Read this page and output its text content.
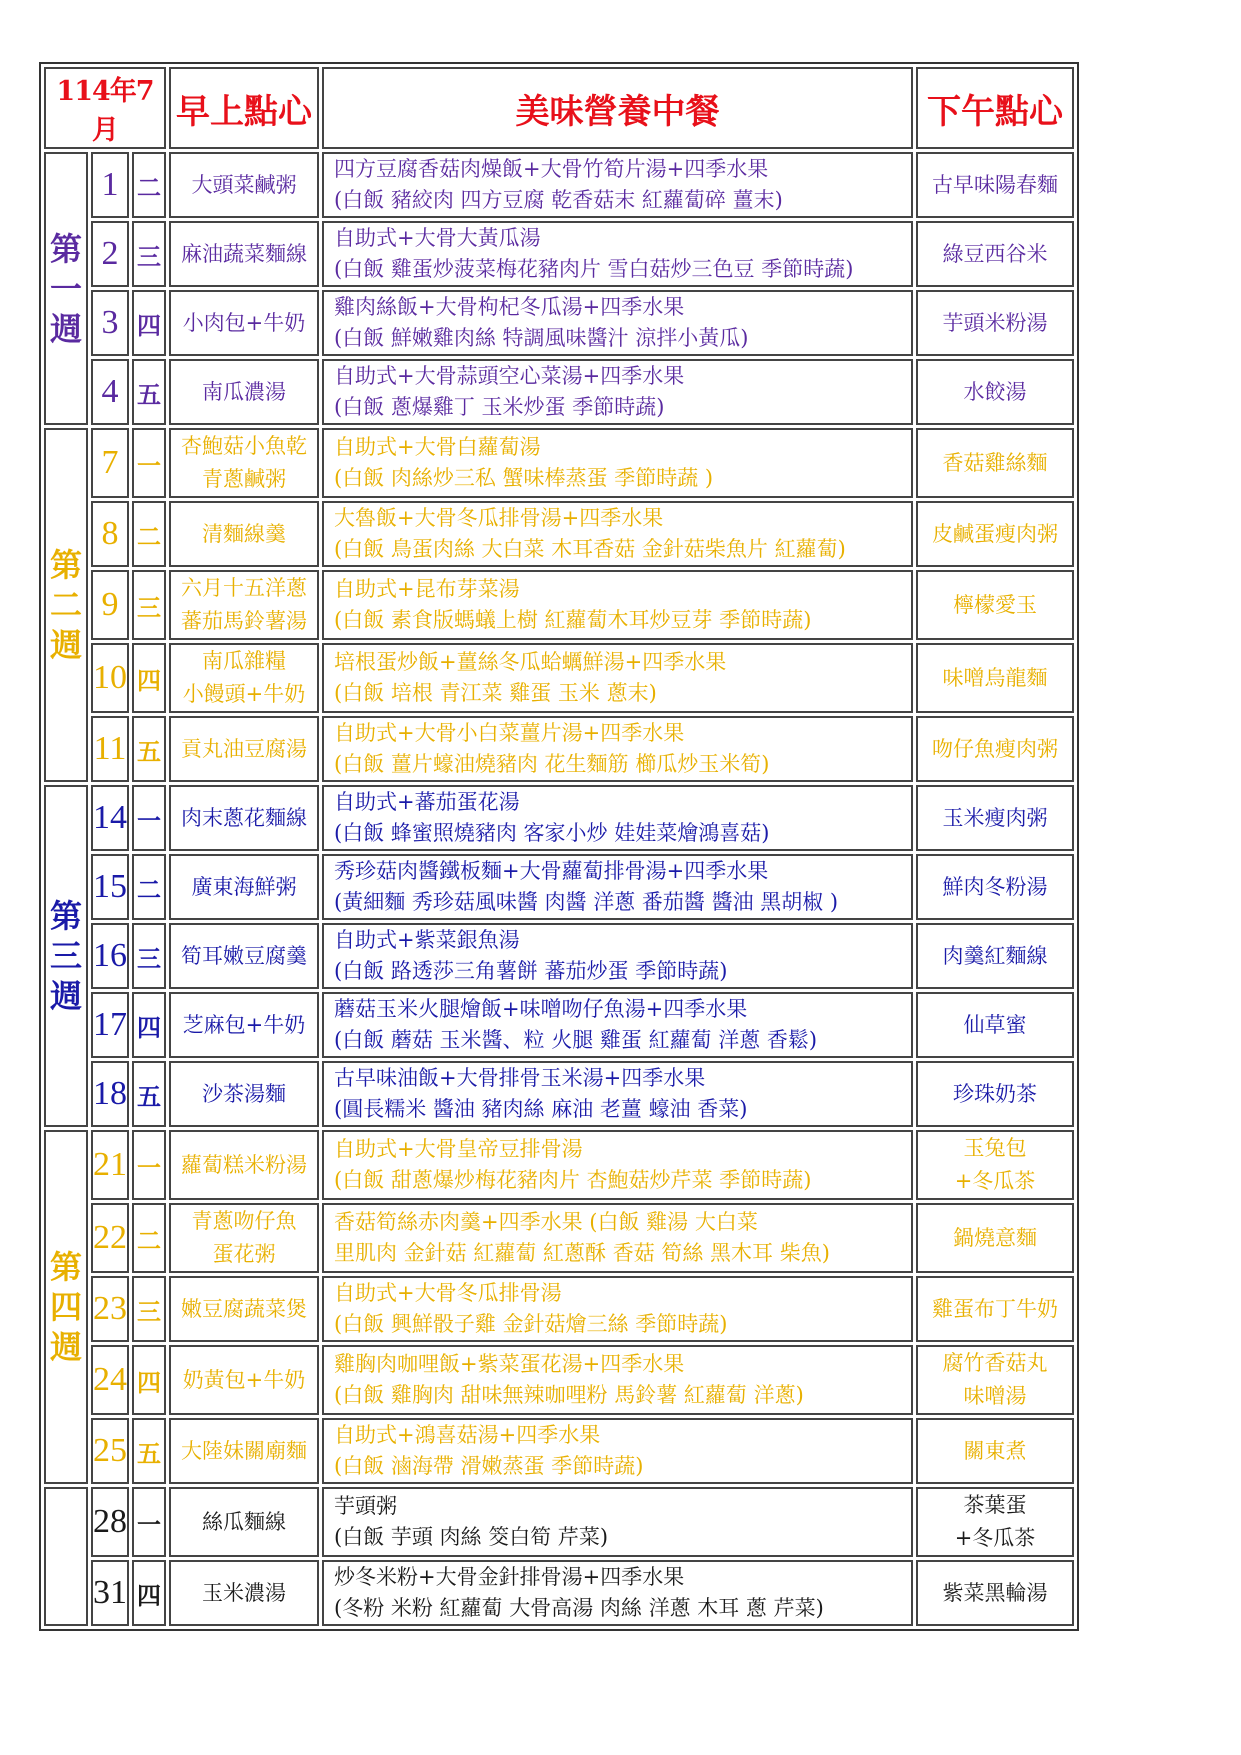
114年7月			早上點心	美味營養中餐	下午點心

第
一
週	1	二	大頭菜鹹粥	四方豆腐香菇肉燥飯+大骨竹筍片湯+四季水果
(白飯 豬絞肉 四方豆腐 乾香菇末 紅蘿蔔碎 薑末)	古早味陽春麵

	2	三	麻油蔬菜麵線	自助式+大骨大黃瓜湯
(白飯 雞蛋炒菠菜梅花豬肉片 雪白菇炒三色豆 季節時蔬)	綠豆西谷米

	3	四	小肉包+牛奶	雞肉絲飯+大骨枸杞冬瓜湯+四季水果
(白飯 鮮嫩雞肉絲 特調風味醬汁 涼拌小黃瓜)	芋頭米粉湯

	4	五	南瓜濃湯	自助式+大骨蒜頭空心菜湯+四季水果
(白飯 蔥爆雞丁 玉米炒蛋 季節時蔬)	水餃湯

第
二
週	7	一	杏鮑菇小魚乾
青蔥鹹粥	自助式+大骨白蘿蔔湯
(白飯 肉絲炒三私 蟹味棒蒸蛋 季節時蔬 )	香菇雞絲麵

	8	二	清麵線羹	大魯飯+大骨冬瓜排骨湯+四季水果
(白飯 鳥蛋肉絲 大白菜 木耳香菇 金針菇柴魚片 紅蘿蔔)	皮鹹蛋瘦肉粥

	9	三	六月十五洋蔥
蕃茄馬鈴薯湯	自助式+昆布芽菜湯
(白飯 素食版螞蟻上樹 紅蘿蔔木耳炒豆芽 季節時蔬)	檸檬愛玉

	10	四	南瓜雜糧
小饅頭+牛奶	培根蛋炒飯+薑絲冬瓜蛤蠣鮮湯+四季水果
(白飯 培根 青江菜 雞蛋 玉米 蔥末)	味噌烏龍麵

	11	五	貢丸油豆腐湯	自助式+大骨小白菜薑片湯+四季水果
(白飯 薑片蠔油燒豬肉 花生麵筋 櫛瓜炒玉米筍)	吻仔魚瘦肉粥

第
三
週	14	一	肉末蔥花麵線	自助式+蕃茄蛋花湯
(白飯 蜂蜜照燒豬肉 客家小炒 娃娃菜燴鴻喜菇)	玉米瘦肉粥

	15	二	廣東海鮮粥	秀珍菇肉醬鐵板麵+大骨蘿蔔排骨湯+四季水果
(黃細麵 秀珍菇風味醬 肉醬 洋蔥 番茄醬 醬油 黑胡椒 )	鮮肉冬粉湯

	16	三	筍耳嫩豆腐羹	自助式+紫菜銀魚湯
(白飯 路透莎三角薯餅 蕃茄炒蛋 季節時蔬)	肉羹紅麵線

	17	四	芝麻包+牛奶	蘑菇玉米火腿燴飯+味噌吻仔魚湯+四季水果
(白飯 蘑菇 玉米醬、粒 火腿 雞蛋 紅蘿蔔 洋蔥 香鬆)	仙草蜜

	18	五	沙茶湯麵	古早味油飯+大骨排骨玉米湯+四季水果
(圓長糯米 醬油 豬肉絲 麻油 老薑 蠔油 香菜)	珍珠奶茶

第
四
週	21	一	蘿蔔糕米粉湯	自助式+大骨皇帝豆排骨湯
(白飯 甜蔥爆炒梅花豬肉片 杏鮑菇炒芹菜 季節時蔬)	玉兔包
+冬瓜茶

	22	二	青蔥吻仔魚
蛋花粥	香菇筍絲赤肉羹+四季水果 (白飯 雞湯 大白菜
里肌肉 金針菇 紅蘿蔔 紅蔥酥 香菇 筍絲 黑木耳 柴魚)	鍋燒意麵

	23	三	嫩豆腐蔬菜煲	自助式+大骨冬瓜排骨湯
(白飯 興鮮骰子雞 金針菇燴三絲 季節時蔬)	雞蛋布丁牛奶

	24	四	奶黃包+牛奶	雞胸肉咖哩飯+紫菜蛋花湯+四季水果
(白飯 雞胸肉 甜味無辣咖哩粉 馬鈴薯 紅蘿蔔 洋蔥)	腐竹香菇丸
味噌湯

	25	五	大陸妹關廟麵	自助式+鴻喜菇湯+四季水果
(白飯 滷海帶 滑嫩蒸蛋 季節時蔬)	關東煮

	28	一	絲瓜麵線	芋頭粥
(白飯 芋頭 肉絲 筊白筍 芹菜)	茶葉蛋
+冬瓜茶

	31	四	玉米濃湯	炒冬米粉+大骨金針排骨湯+四季水果
(冬粉 米粉 紅蘿蔔 大骨高湯 肉絲 洋蔥 木耳 蔥 芹菜)	紫菜黑輪湯
